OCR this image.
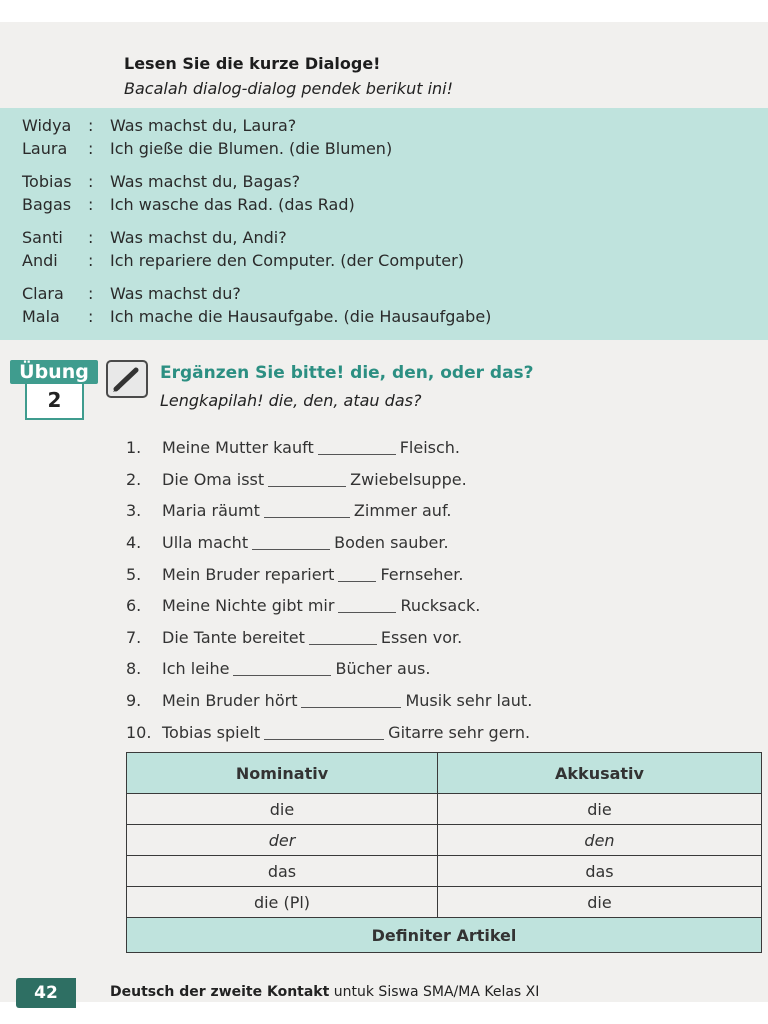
Lesen Sie die kurze Dialoge!
Bacalah dialog-dialog pendek berikut ini!
Widya	:	Was machst du, Laura?
Laura	:	Ich gieße die Blumen. (die Blumen)
Tobias	:	Was machst du, Bagas?
Bagas	:	Ich wasche das Rad. (das Rad)
Santi	:	Was machst du, Andi?
Andi	:	Ich repariere den Computer. (der Computer)
Clara	:	Was machst du?
Mala	:	Ich mache die Hausaufgabe. (die Hausaufgabe)
Übung
2
Ergänzen Sie bitte! die, den, oder das?
Lengkapilah! die, den, atau das?
1.	Meine Mutter kauft	Fleisch.
2.	Die Oma isst	Zwiebelsuppe.
3.	Maria räumt	Zimmer auf.
4.	Ulla macht	Boden sauber.
5.	Mein Bruder repariert	Fernseher.
6.	Meine Nichte gibt mir	Rucksack.
7.	Die Tante bereitet	Essen vor.
8.	Ich leihe	Bücher aus.
9.	Mein Bruder hört	Musik sehr laut.
10. Tobias spielt	Gitarre sehr gern.
Nominativ	Akkusativ
die	die
der	den
das	das
die (Pl)	die
Definiter Artikel	
42	Deutsch der zweite Kontakt untuk Siswa SMA/MA Kelas XI
